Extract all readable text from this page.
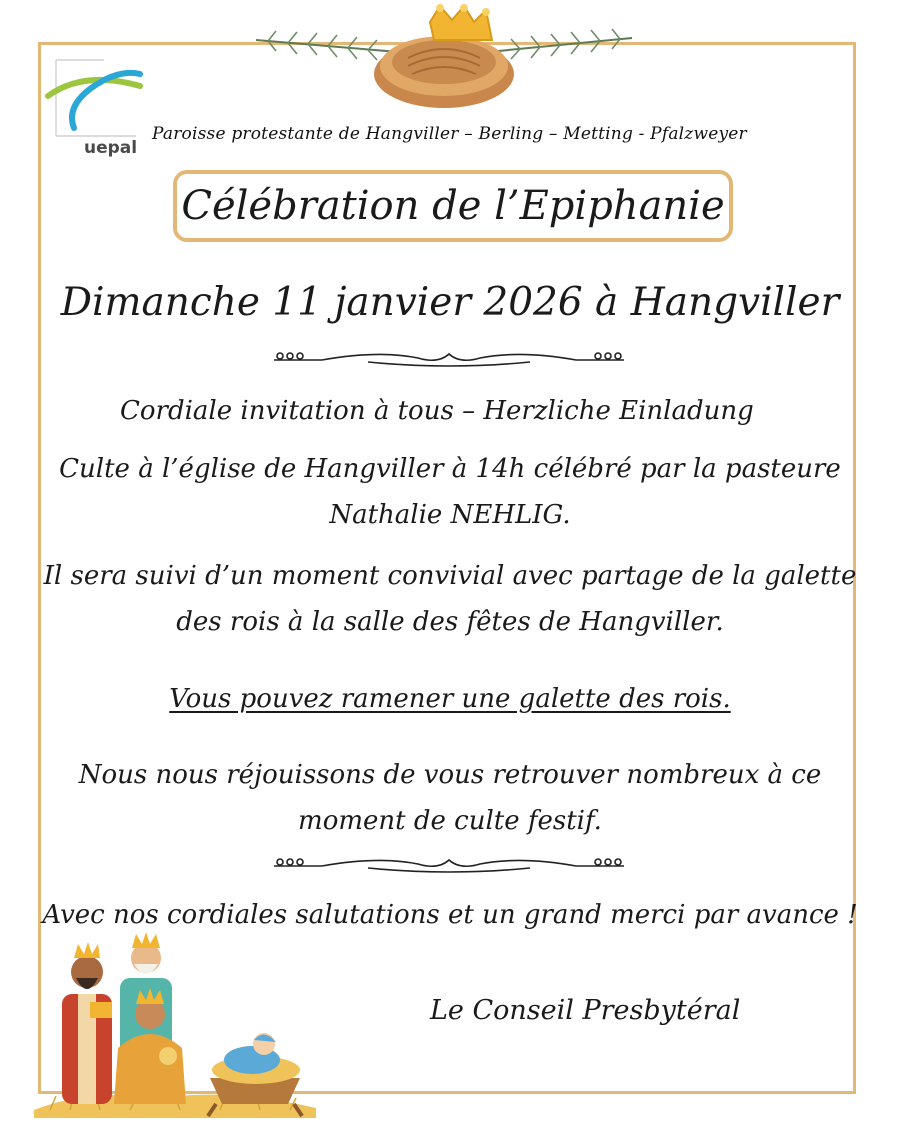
uepal
Paroisse protestante de Hangviller – Berling – Metting - Pfalzweyer
Célébration de l’Epiphanie
Dimanche 11 janvier 2026 à Hangviller
Cordiale invitation à tous – Herzliche Einladung
Culte à l’église de Hangviller à 14h célébré par la pasteure
Nathalie NEHLIG.
Il sera suivi d’un moment convivial avec partage de la galette
des rois à la salle des fêtes de Hangviller.
Vous pouvez ramener une galette des rois.
Nous nous réjouissons de vous retrouver nombreux à ce
moment de culte festif.
Avec nos cordiales salutations et un grand merci par avance !
Le Conseil Presbytéral
